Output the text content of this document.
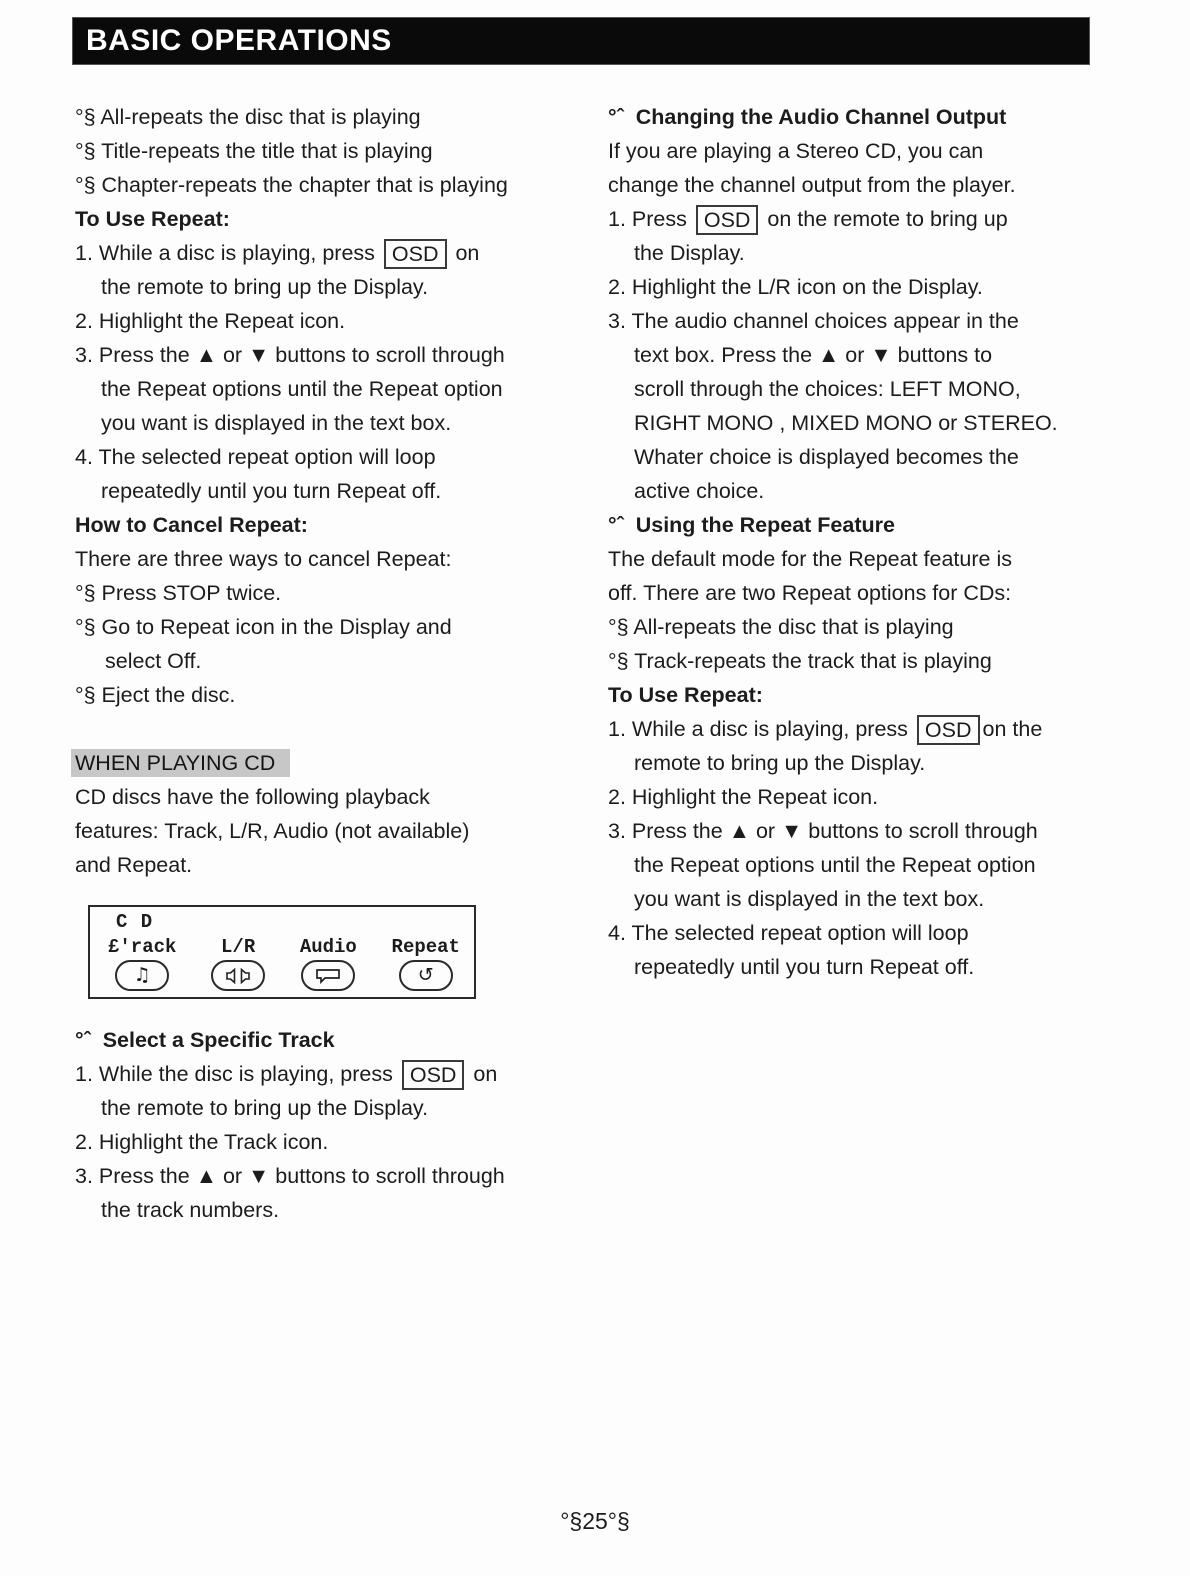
BASIC OPERATIONS
°§ All-repeats the disc that is playing
°§ Title-repeats the title that is playing
°§ Chapter-repeats the chapter that is playing
To Use Repeat:
1. While a disc is playing, press OSD on
the remote to bring up the Display.
2. Highlight the Repeat icon.
3. Press the ▲ or ▼ buttons to scroll through
the Repeat options until the Repeat option
you want is displayed in the text box.
4. The selected repeat option will loop
repeatedly until you turn Repeat off.
How to Cancel Repeat:
There are three ways to cancel Repeat:
°§ Press STOP twice.
°§ Go to Repeat icon in the Display and
select Off.
°§ Eject the disc.
WHEN PLAYING CD
CD discs have the following playback
features: Track, L/R, Audio (not available)
and Repeat.
C D
£'rack
♫
L/R	Audio Repeat
↺
°ˆ  Select a Specific Track
1. While the disc is playing, press OSD on
the remote to bring up the Display.
2. Highlight the Track icon.
3. Press the ▲ or ▼ buttons to scroll through
the track numbers.
°ˆ  Changing the Audio Channel Output
If you are playing a Stereo CD, you can
change the channel output from the player.
1. Press OSD on the remote to bring up
the Display.
2. Highlight the L/R icon on the Display.
3. The audio channel choices appear in the
text box. Press the ▲ or ▼ buttons to
scroll through the choices: LEFT MONO,
RIGHT MONO , MIXED MONO or STEREO.
Whater choice is displayed becomes the
active choice.
°ˆ  Using the Repeat Feature
The default mode for the Repeat feature is
off. There are two Repeat options for CDs:
°§ All-repeats the disc that is playing
°§ Track-repeats the track that is playing
To Use Repeat:
1. While a disc is playing, press OSD on the
remote to bring up the Display.
2. Highlight the Repeat icon.
3. Press the ▲ or ▼ buttons to scroll through
the Repeat options until the Repeat option
you want is displayed in the text box.
4. The selected repeat option will loop
repeatedly until you turn Repeat off.
°§25°§
